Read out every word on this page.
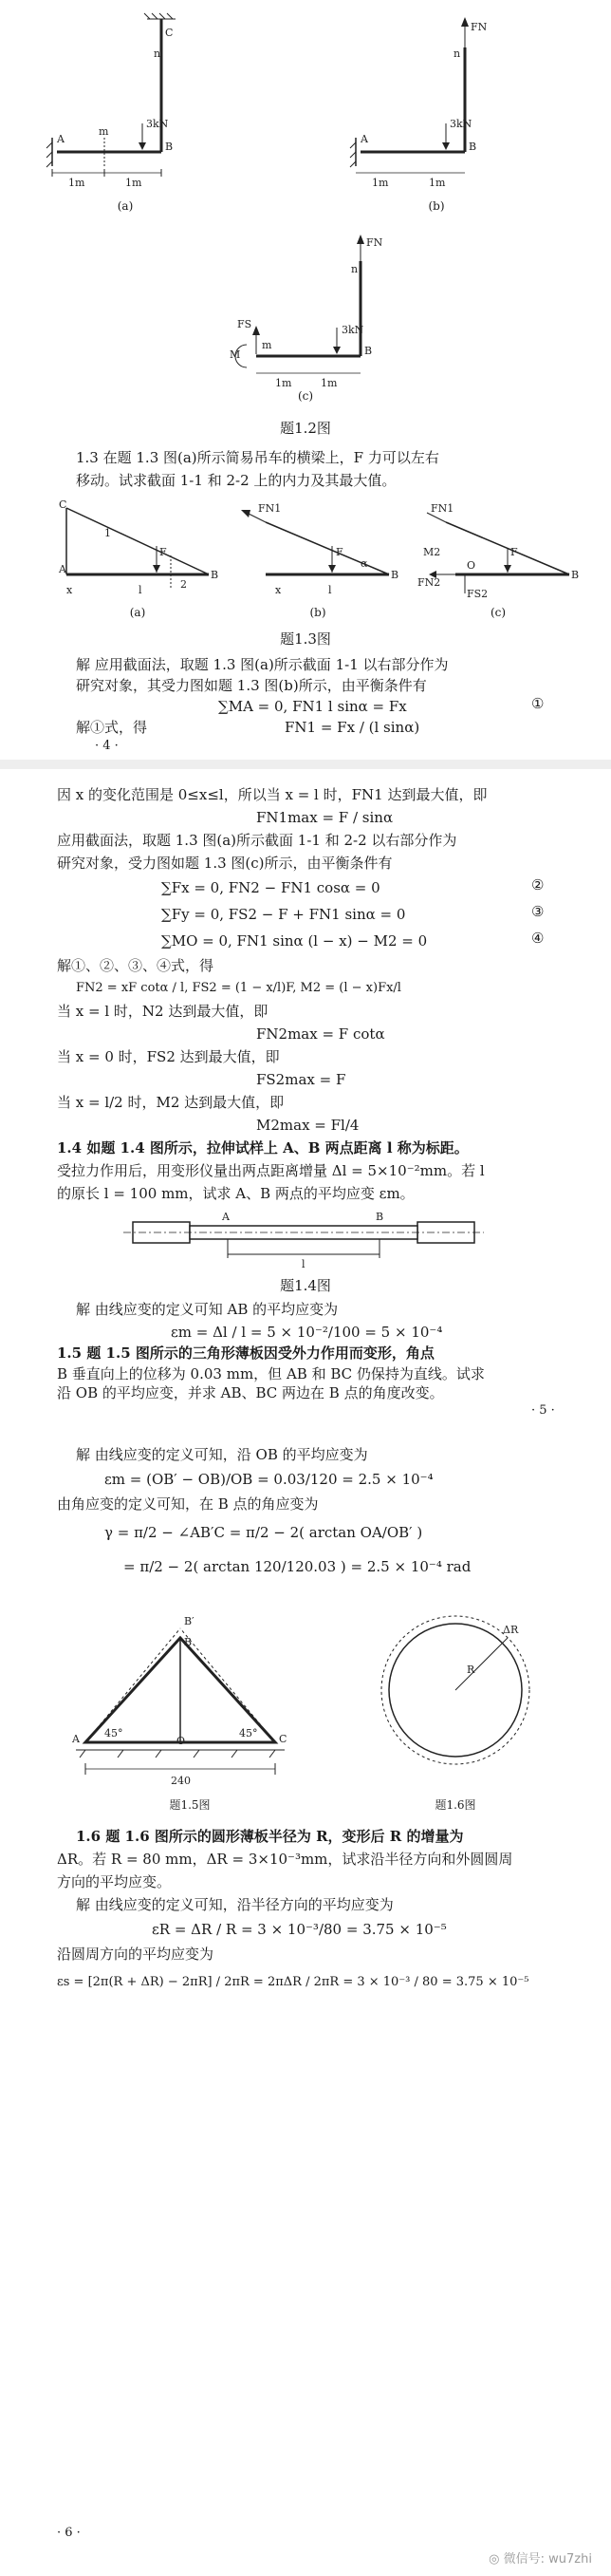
C
n
A
B
m
3kN
1m	1m
(a)
FN
n
A
B
3kN
1m	1m
(b)
FN
n
FS
M
m	B
3kN
1m	1m
(c)
题1.2图
1.3 在题 1.3 图(a)所示简易吊车的横梁上，F 力可以左右
移动。试求截面 1-1 和 2-2 上的内力及其最大值。
C
A	B
1
F
2
x	l
FN1
B
F
x	l
α
FN1
M2
FN2
FS2
B
F
O
(a)	(b)	(c)
题1.3图
解 应用截面法，取题 1.3 图(a)所示截面 1-1 以右部分作为
研究对象，其受力图如题 1.3 图(b)所示，由平衡条件有
∑MA = 0, FN1 l sinα = Fx	①
解①式，得	FN1 = Fx / (l sinα)
· 4 ·
因 x 的变化范围是 0≤x≤l，所以当 x = l 时，FN1 达到最大值，即
FN1max = F / sinα
应用截面法，取题 1.3 图(a)所示截面 1-1 和 2-2 以右部分作为
研究对象，受力图如题 1.3 图(c)所示，由平衡条件有
∑Fx = 0, FN2 − FN1 cosα = 0	②
∑Fy = 0, FS2 − F + FN1 sinα = 0	③
∑MO = 0, FN1 sinα (l − x) − M2 = 0	④
解①、②、③、④式，得
FN2 = xF cotα / l, FS2 = (1 − x/l)F, M2 = (l − x)Fx/l
当 x = l 时，N2 达到最大值，即
FN2max = F cotα
当 x = 0 时，FS2 达到最大值，即
FS2max = F
当 x = l/2 时，M2 达到最大值，即
M2max = Fl/4
1.4 如题 1.4 图所示，拉伸试样上 A、B 两点距离 l 称为标距。
受拉力作用后，用变形仪量出两点距离增量 Δl = 5×10⁻²mm。若 l
的原长 l = 100 mm，试求 A、B 两点的平均应变 εm。
A	B
l
题1.4图
解 由线应变的定义可知 AB 的平均应变为
εm = Δl / l = 5 × 10⁻²/100 = 5 × 10⁻⁴
1.5 题 1.5 图所示的三角形薄板因受外力作用而变形，角点
B 垂直向上的位移为 0.03 mm，但 AB 和 BC 仍保持为直线。试求
沿 OB 的平均应变，并求 AB、BC 两边在 B 点的角度改变。
· 5 ·
解 由线应变的定义可知，沿 OB 的平均应变为
εm = (OB′ − OB)/OB = 0.03/120 = 2.5 × 10⁻⁴
由角应变的定义可知，在 B 点的角应变为
γ = π/2 − ∠AB′C = π/2 − 2( arctan OA/OB′ )
= π/2 − 2( arctan 120/120.03 ) = 2.5 × 10⁻⁴ rad
B′
B
A	O	C
45°	45°
240
题1.5图
R
ΔR
题1.6图
1.6 题 1.6 图所示的圆形薄板半径为 R，变形后 R 的增量为
ΔR。若 R = 80 mm，ΔR = 3×10⁻³mm，试求沿半径方向和外圆圆周
方向的平均应变。
解 由线应变的定义可知，沿半径方向的平均应变为
εR = ΔR / R = 3 × 10⁻³/80 = 3.75 × 10⁻⁵
沿圆周方向的平均应变为
εs = [2π(R + ΔR) − 2πR] / 2πR = 2πΔR / 2πR = 3 × 10⁻³ / 80 = 3.75 × 10⁻⁵
· 6 ·
◎ 微信号: wu7zhi
